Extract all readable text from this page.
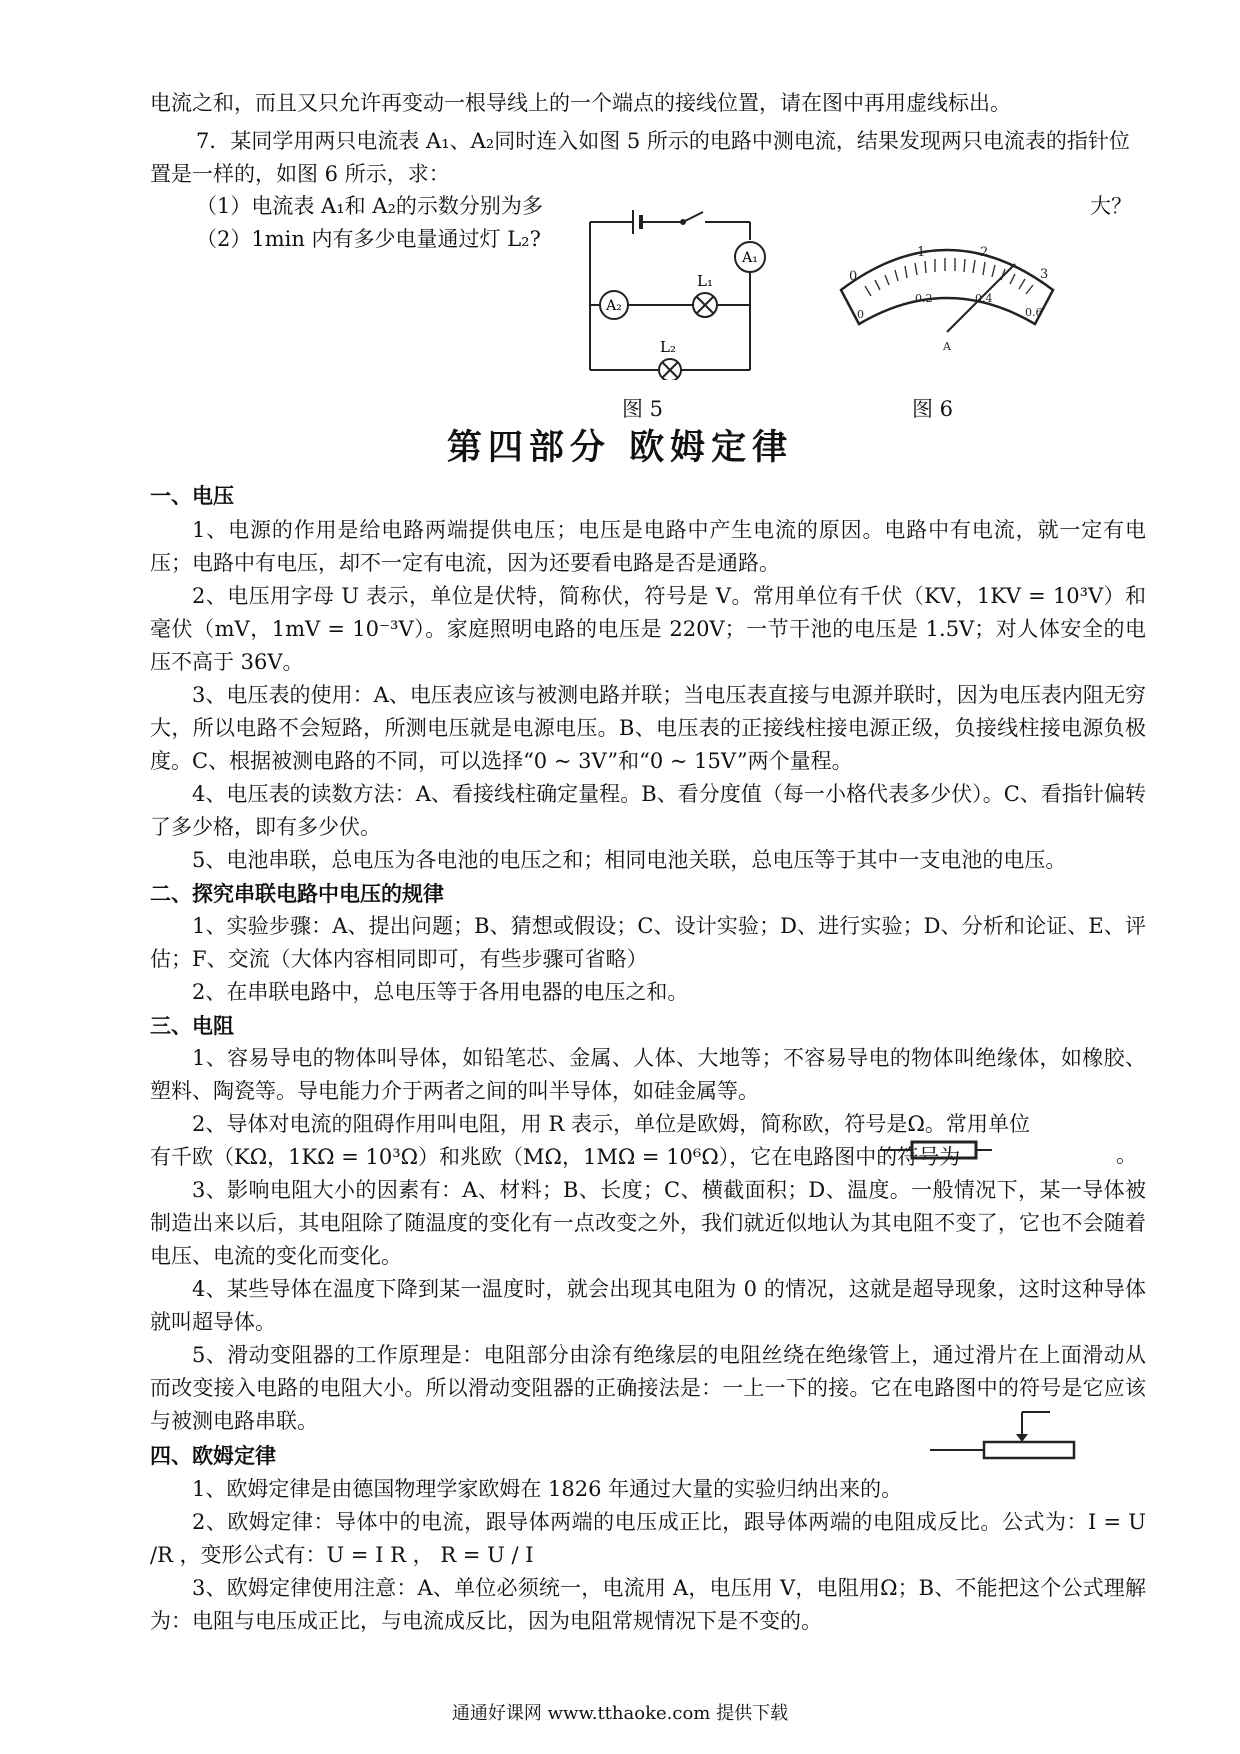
电流之和，而且又只允许再变动一根导线上的一个端点的接线位置，请在图中再用虚线标出。
7．某同学用两只电流表 A₁、A₂同时连入如图 5 所示的电路中测电流，结果发现两只电流表的指针位
置是一样的，如图 6 所示，求：
（1）电流表 A₁和 A₂的示数分别为多	大？
（2）1min 内有多少电量通过灯 L₂?
A₁
A₂
L₁
L₂
图 5
0
1	2
3
0
0.2	0.4
0.6
A
图 6
第四部分 欧姆定律
一、电压

1、电源的作用是给电路两端提供电压；电压是电路中产生电流的原因。电路中有电流，就一定有电压；电路中有电压，却不一定有电流，因为还要看电路是否是通路。

2、电压用字母 U 表示，单位是伏特，简称伏，符号是 V。常用单位有千伏（KV，1KV = 10³V）和毫伏（mV，1mV = 10⁻³V）。家庭照明电路的电压是 220V；一节干池的电压是 1.5V；对人体安全的电压不高于 36V。

3、电压表的使用：A、电压表应该与被测电路并联；当电压表直接与电源并联时，因为电压表内阻无穷大，所以电路不会短路，所测电压就是电源电压。B、电压表的正接线柱接电源正级，负接线柱接电源负极度。C、根据被测电路的不同，可以选择“0 ~ 3V”和“0 ~ 15V”两个量程。

4、电压表的读数方法：A、看接线柱确定量程。B、看分度值（每一小格代表多少伏）。C、看指针偏转了多少格，即有多少伏。

5、电池串联，总电压为各电池的电压之和；相同电池关联，总电压等于其中一支电池的电压。

二、探究串联电路中电压的规律

1、实验步骤：A、提出问题；B、猜想或假设；C、设计实验；D、进行实验；D、分析和论证、E、评估；F、交流（大体内容相同即可，有些步骤可省略）

2、在串联电路中，总电压等于各用电器的电压之和。

三、电阻

1、容易导电的物体叫导体，如铅笔芯、金属、人体、大地等；不容易导电的物体叫绝缘体，如橡胶、塑料、陶瓷等。导电能力介于两者之间的叫半导体，如硅金属等。

2、导体对电流的阻碍作用叫电阻，用 R 表示，单位是欧姆，简称欧，符号是Ω。常用单位有千欧（KΩ，1KΩ = 10³Ω）和兆欧（MΩ，1MΩ = 10⁶Ω），它在电路图中的符号为	。

3、影响电阻大小的因素有：A、材料；B、长度；C、横截面积；D、温度。一般情况下，某一导体被制造出来以后，其电阻除了随温度的变化有一点改变之外，我们就近似地认为其电阻不变了，它也不会随着电压、电流的变化而变化。

4、某些导体在温度下降到某一温度时，就会出现其电阻为 0 的情况，这就是超导现象，这时这种导体就叫超导体。

5、滑动变阻器的工作原理是：电阻部分由涂有绝缘层的电阻丝绕在绝缘管上，通过滑片在上面滑动从而改变接入电路的电阻大小。所以滑动变阻器的正确接法是：一上一下的接。它在电路图中的符号是它应该与被测电路串联。

四、欧姆定律

1、欧姆定律是由德国物理学家欧姆在 1826 年通过大量的实验归纳出来的。

2、欧姆定律：导体中的电流，跟导体两端的电压成正比，跟导体两端的电阻成反比。公式为：I = U /R ，变形公式有：U = I R ， R = U / I

3、欧姆定律使用注意：A、单位必须统一，电流用 A，电压用 V，电阻用Ω；B、不能把这个公式理解为：电阻与电压成正比，与电流成反比，因为电阻常规情况下是不变的。

通通好课网 www.tthaoke.com 提供下载
